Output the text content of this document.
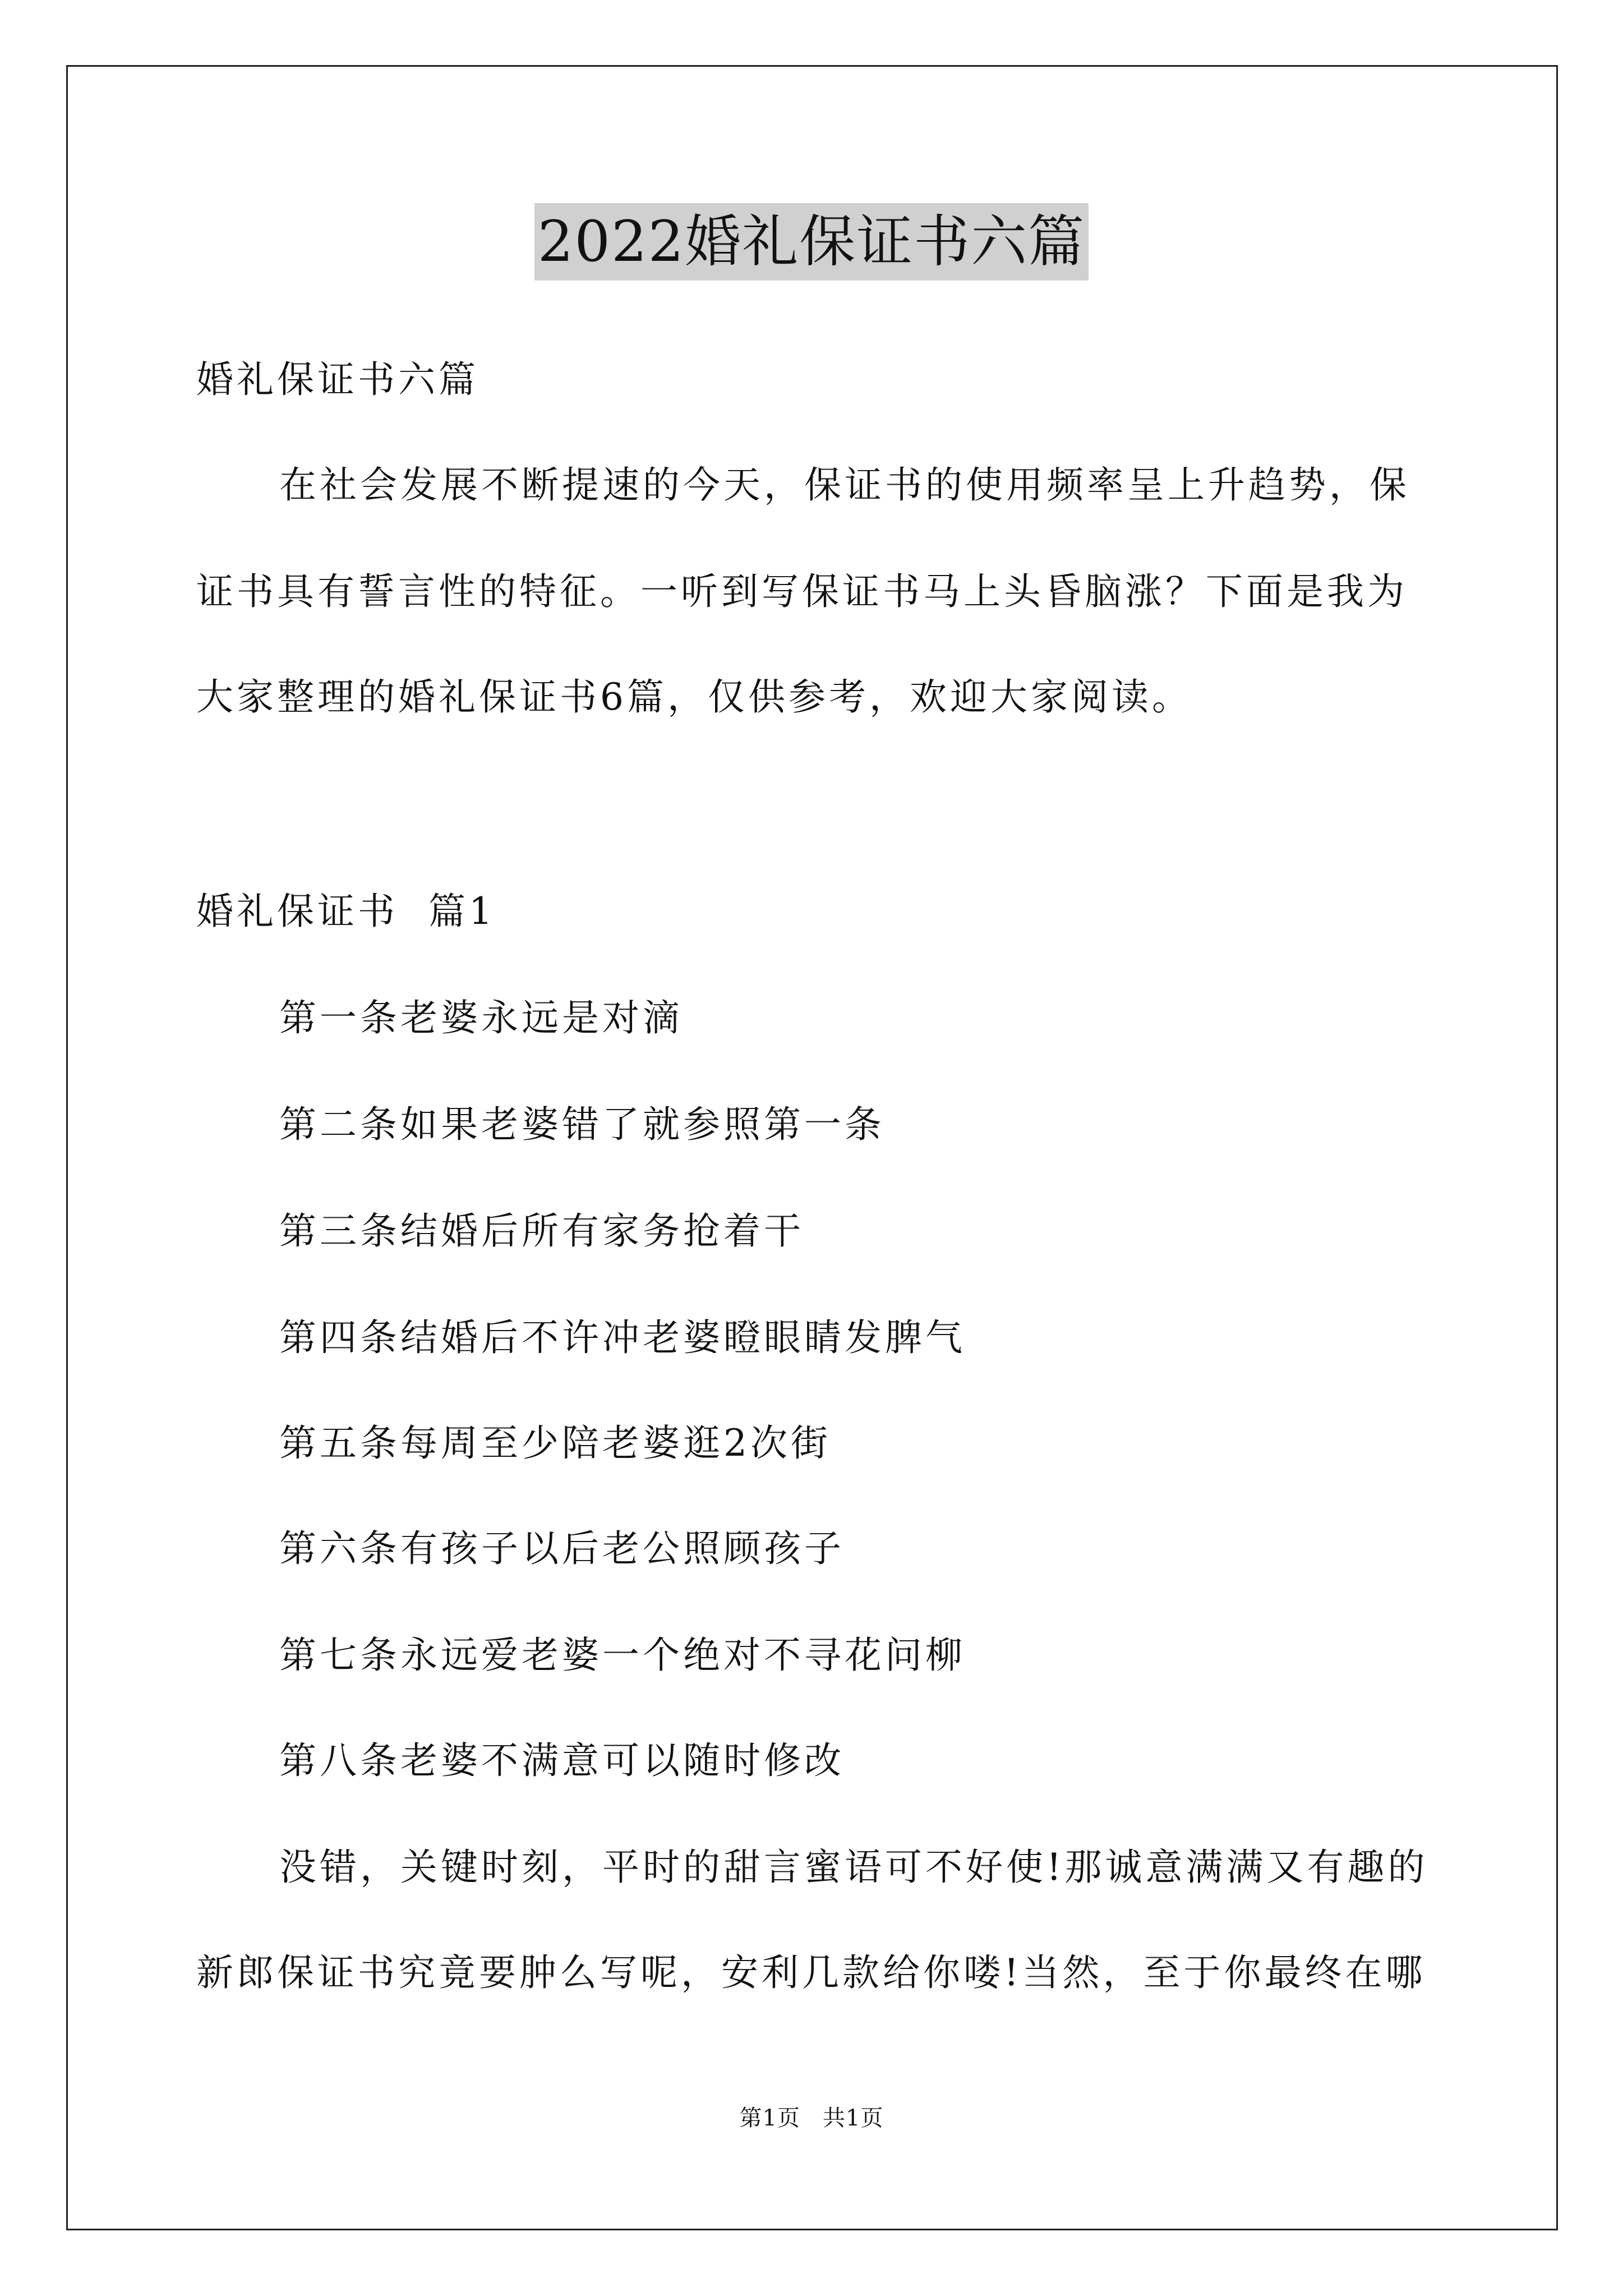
2022婚礼保证书六篇
婚礼保证书六篇
在社会发展不断提速的今天，保证书的使用频率呈上升趋势，保
证书具有誓言性的特征。一听到写保证书马上头昏脑涨？下面是我为
大家整理的婚礼保证书6篇，仅供参考，欢迎大家阅读。
婚礼保证书  篇1
第一条老婆永远是对滴
第二条如果老婆错了就参照第一条
第三条结婚后所有家务抢着干
第四条结婚后不许冲老婆瞪眼睛发脾气
第五条每周至少陪老婆逛2次街
第六条有孩子以后老公照顾孩子
第七条永远爱老婆一个绝对不寻花问柳
第八条老婆不满意可以随时修改
没错，关键时刻，平时的甜言蜜语可不好使!那诚意满满又有趣的
新郎保证书究竟要肿么写呢，安利几款给你喽!当然，至于你最终在哪
第1页 共1页
